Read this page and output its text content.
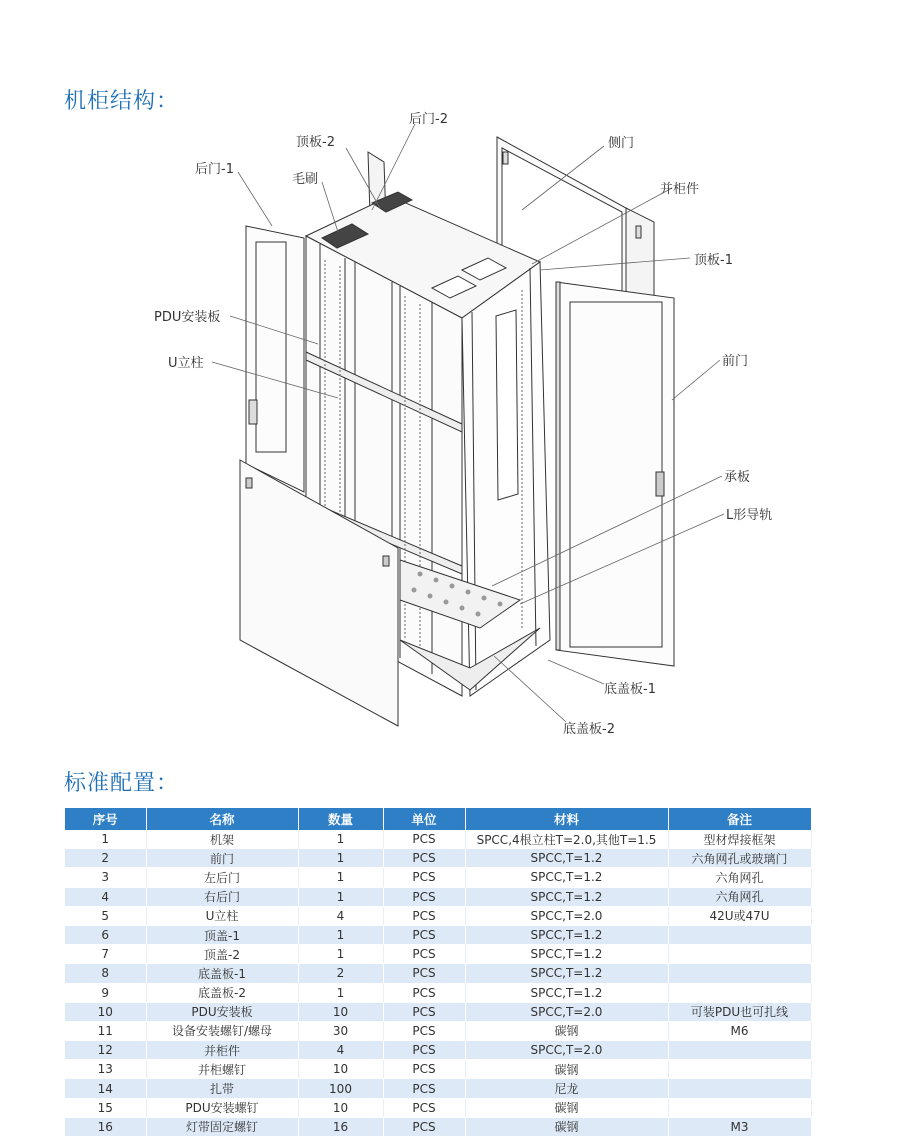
机柜结构：
后门-2
顶板-2	侧门
后门-1
毛刷
并柜件
顶板-1
PDU安装板
U立柱	前门
承板
L形导轨
底盖板-1
底盖板-2
标准配置：
序号	名称	数量	单位	材料	备注
1	机架	1	PCS	SPCC,4根立柱T=2.0,其他T=1.5	型材焊接框架
2	前门	1	PCS	SPCC,T=1.2	六角网孔或玻璃门
3	左后门	1	PCS	SPCC,T=1.2	六角网孔
4	右后门	1	PCS	SPCC,T=1.2	六角网孔
5	U立柱	4	PCS	SPCC,T=2.0	42U或47U
6	顶盖-1	1	PCS	SPCC,T=1.2	
7	顶盖-2	1	PCS	SPCC,T=1.2	
8	底盖板-1	2	PCS	SPCC,T=1.2	
9	底盖板-2	1	PCS	SPCC,T=1.2	
10	PDU安装板	10	PCS	SPCC,T=2.0	可装PDU也可扎线
11	设备安装螺钉/螺母	30	PCS	碳钢	M6
12	并柜件	4	PCS	SPCC,T=2.0	
13	并柜螺钉	10	PCS	碳钢	
14	扎带	100	PCS	尼龙	
15	PDU安装螺钉	10	PCS	碳钢	
16	灯带固定螺钉	16	PCS	碳钢	M3
